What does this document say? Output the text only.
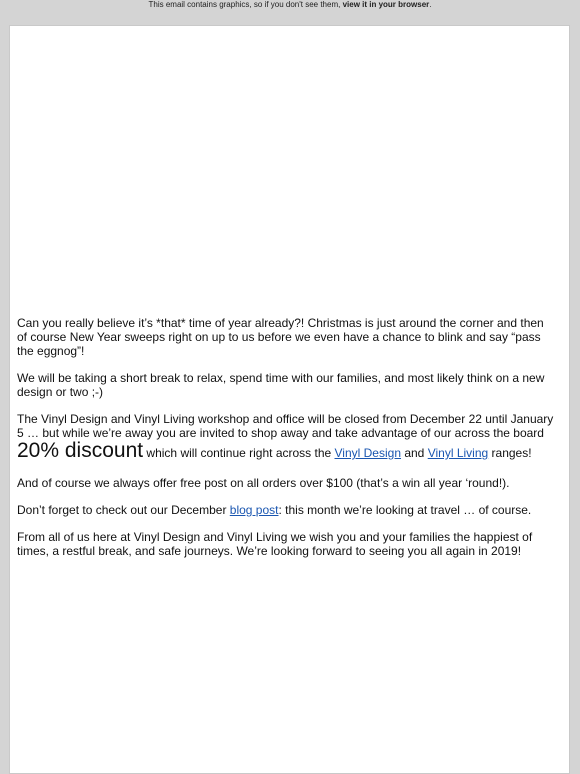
This email contains graphics, so if you don't see them, view it in your browser.

Can you really believe it’s *that* time of year already?! Christmas is just around the corner and then of course New Year sweeps right on up to us before we even have a chance to blink and say “pass the eggnog”!

We will be taking a short break to relax, spend time with our families, and most likely think on a new design or two ;-)

The Vinyl Design and Vinyl Living workshop and office will be closed from December 22 until January 5 … but while we’re away you are invited to shop away and take advantage of our across the board
20% discount which will continue right across the Vinyl Design and Vinyl Living ranges!

And of course we always offer free post on all orders over $100 (that’s a win all year ‘round!).

Don’t forget to check out our December blog post: this month we’re looking at travel … of course.

From all of us here at Vinyl Design and Vinyl Living we wish you and your families the happiest of times, a restful break, and safe journeys. We’re looking forward to seeing you all again in 2019!
